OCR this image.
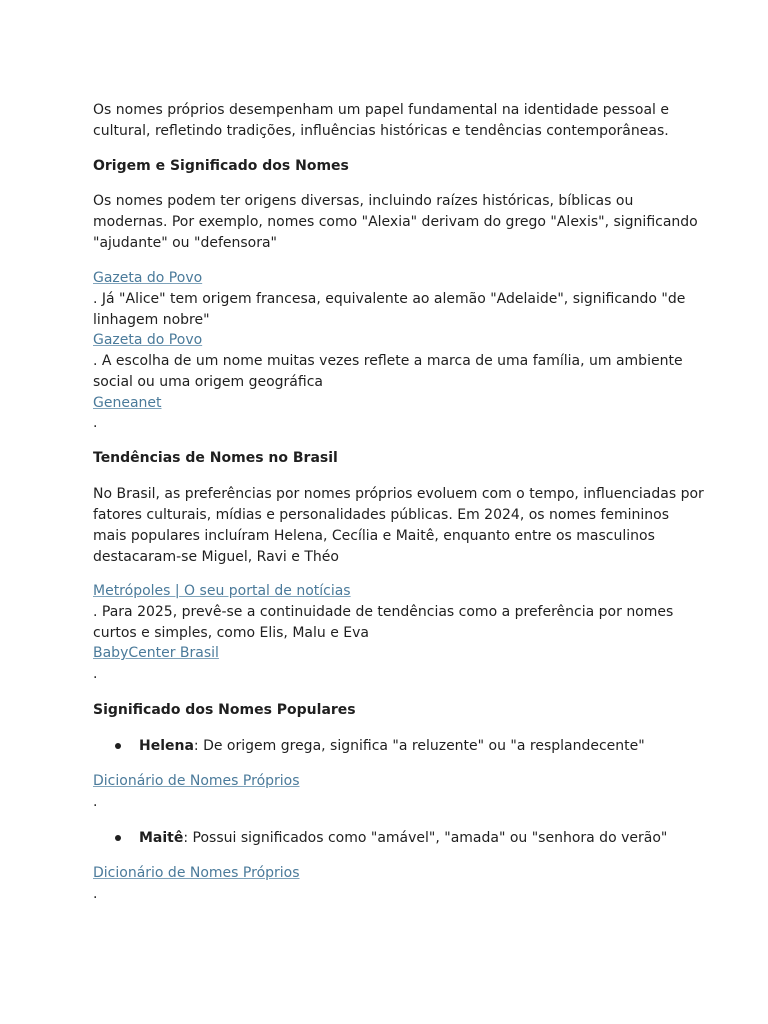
Os nomes próprios desempenham um papel fundamental na identidade pessoal e
cultural, refletindo tradições, influências históricas e tendências contemporâneas.
Origem e Significado dos Nomes
Os nomes podem ter origens diversas, incluindo raízes históricas, bíblicas ou
modernas. Por exemplo, nomes como "Alexia" derivam do grego "Alexis", significando
"ajudante" ou "defensora"
Gazeta do Povo
. Já "Alice" tem origem francesa, equivalente ao alemão "Adelaide", significando "de
linhagem nobre"
Gazeta do Povo
. A escolha de um nome muitas vezes reflete a marca de uma família, um ambiente
social ou uma origem geográfica
Geneanet
.
Tendências de Nomes no Brasil
No Brasil, as preferências por nomes próprios evoluem com o tempo, influenciadas por
fatores culturais, mídias e personalidades públicas. Em 2024, os nomes femininos
mais populares incluíram Helena, Cecília e Maitê, enquanto entre os masculinos
destacaram-se Miguel, Ravi e Théo
Metrópoles | O seu portal de notícias
. Para 2025, prevê-se a continuidade de tendências como a preferência por nomes
curtos e simples, como Elis, Malu e Eva
BabyCenter Brasil
.
Significado dos Nomes Populares
Helena: De origem grega, significa "a reluzente" ou "a resplandecente"
Dicionário de Nomes Próprios
.
Maitê: Possui significados como "amável", "amada" ou "senhora do verão"
Dicionário de Nomes Próprios
.
